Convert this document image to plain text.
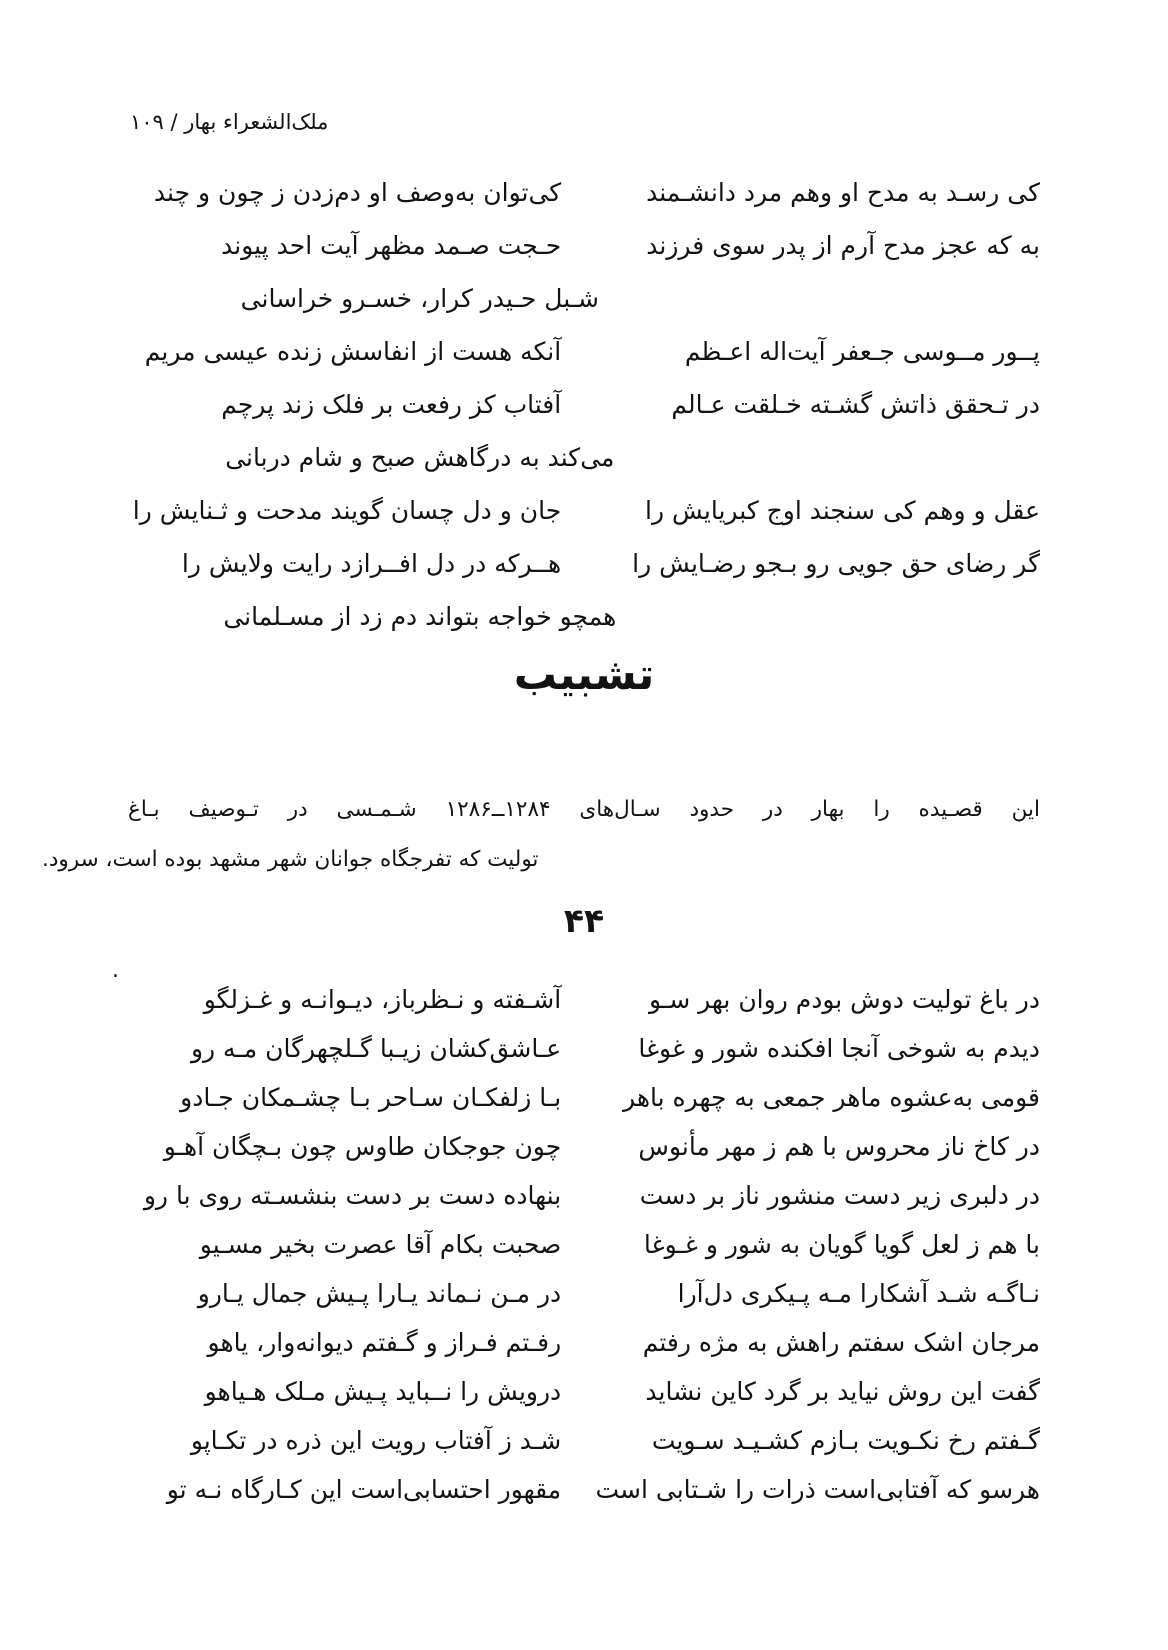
ملک‌الشعراء بهار / ۱۰۹
کی رسـد به مدح او وهم مرد دانشـمند
کی‌توان به‌وصف او دم‌زدن ز چون و چند
به که عجز مدح آرم از پدر سوی فرزند
حـجت صـمد مظهر آیت احد پیوند
شـبل حـیدر کرار، خسـرو خراسانی
پــور مــوسی جـعفر آیت‌اله اعـظم
آنکه هست از انفاسش زنده عیسی مریم
در تـحقق ذاتش گشـته خـلقت عـالم
آفتاب کز رفعت بر فلک زند پرچم
می‌کند به درگاهش صبح و شام دربانی
عقل و وهم کی سنجند اوج کبریایش را
جان و دل چسان گویند مدحت و ثـنایش را
گر رضای حق جویی رو بـجو رضـایش را
هــرکه در دل افــرازد رایت ولایش را
همچو خواجه بتواند دم زد از مسـلمانی
تشبیب
این قصـیده را بهار در حدود سـال‌های ۱۲۸۴ــ۱۲۸۶ شـمـسی در تـوصیف بـاغ
تولیت که تفرجگاه جوانان شهر مشهد بوده است، سرود.
۴۴
.
در باغ تولیت دوش بودم روان بهر سـو
آشـفته و نـظرباز، دیـوانـه و غـزلگو
دیدم به شوخی آنجا افکنده شور و غوغا
عـاشق‌کشان زیـبا گـلچهرگان مـه رو
قومی به‌عشوه ماهر جمعی به چهره باهر
بـا زلفکـان سـاحر بـا چشـمکان جـادو
در کاخ ناز محروس با هم ز مهر مأنوس
چون جوجکان طاوس چون بـچگان آهـو
در دلبری زیر دست منشور ناز بر دست
بنهاده دست بر دست بنشسـته روی با رو
با هم ز لعل گویا گویان به شور و غـوغا
صحبت بکام آقا عصرت بخیر مسـیو
نـاگـه شـد آشکارا مـه پـیکری دل‌آرا
در مـن نـماند یـارا پـیش جمال یـارو
مرجان اشک سفتم راهش به مژه رفتم
رفـتم فـراز و گـفتم دیوانه‌وار، یاهو
گفت این روش نیاید بر گرد کاین نشاید
درویش را نــباید پـیش مـلک هـیاهو
گـفتم رخ نکـویت بـازم کشـیـد سـویت
شـد ز آفتاب رویت این ذره در تکـاپو
هرسو که آفتابی‌است ذرات را شـتابی است
مقهور احتسابی‌است این کـارگاه نـه تو
